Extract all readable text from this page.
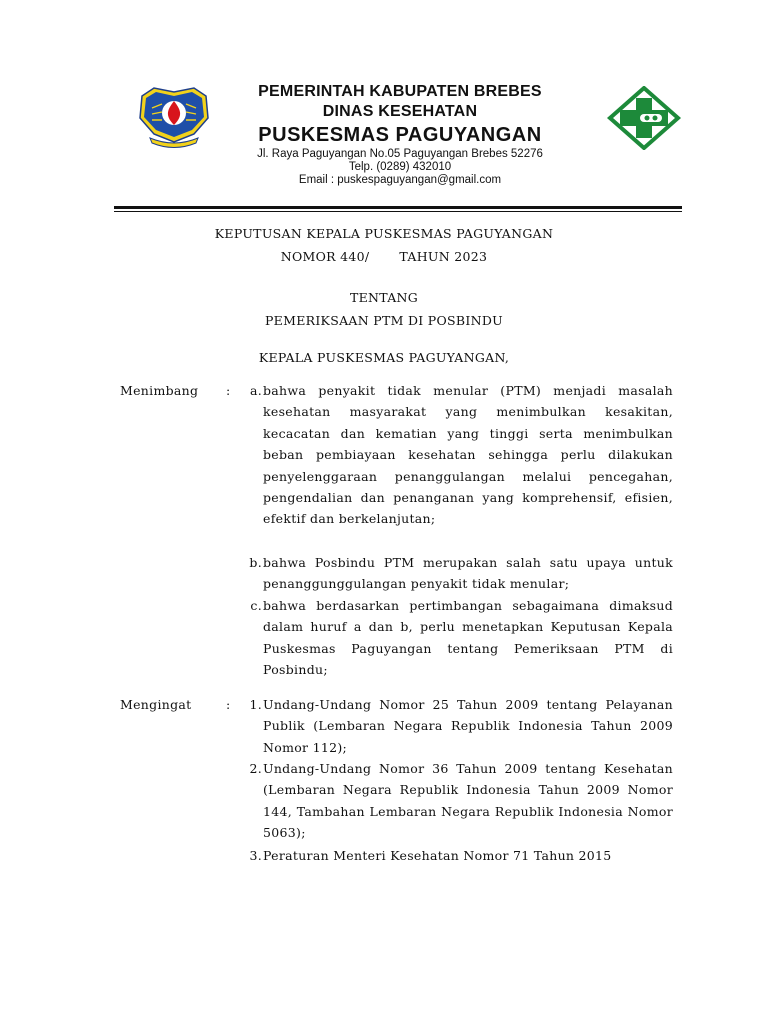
PEMERINTAH KABUPATEN BREBES
DINAS KESEHATAN
PUSKESMAS PAGUYANGAN
Jl. Raya Paguyangan No.05 Paguyangan Brebes 52276
Telp. (0289) 432010
Email : puskespaguyangan@gmail.com
KEPUTUSAN KEPALA PUSKESMAS PAGUYANGAN
NOMOR 440/ TAHUN 2023
TENTANG
PEMERIKSAAN PTM DI POSBINDU
KEPALA PUSKESMAS PAGUYANGAN,
Menimbang :	a. bahwa penyakit tidak menular (PTM) menjadi masalah kesehatan masyarakat yang menimbulkan kesakitan, kecacatan dan kematian yang tinggi serta menimbulkan beban pembiayaan kesehatan sehingga perlu dilakukan penyelenggaraan penanggulangan melalui pencegahan, pengendalian dan penanganan yang komprehensif, efisien, efektif dan berkelanjutan;
b. bahwa Posbindu PTM merupakan salah satu upaya untuk penanggunggulangan penyakit tidak menular;
c. bahwa berdasarkan pertimbangan sebagaimana dimaksud dalam huruf a dan b, perlu menetapkan Keputusan Kepala Puskesmas Paguyangan tentang Pemeriksaan PTM di Posbindu;
Mengingat	:	1. Undang-Undang Nomor 25 Tahun 2009 tentang Pelayanan Publik (Lembaran Negara Republik Indonesia Tahun 2009 Nomor 112);
2. Undang-Undang Nomor 36 Tahun 2009 tentang Kesehatan (Lembaran Negara Republik Indonesia Tahun 2009 Nomor 144, Tambahan Lembaran Negara Republik Indonesia Nomor 5063);
3. Peraturan Menteri Kesehatan Nomor 71 Tahun 2015
